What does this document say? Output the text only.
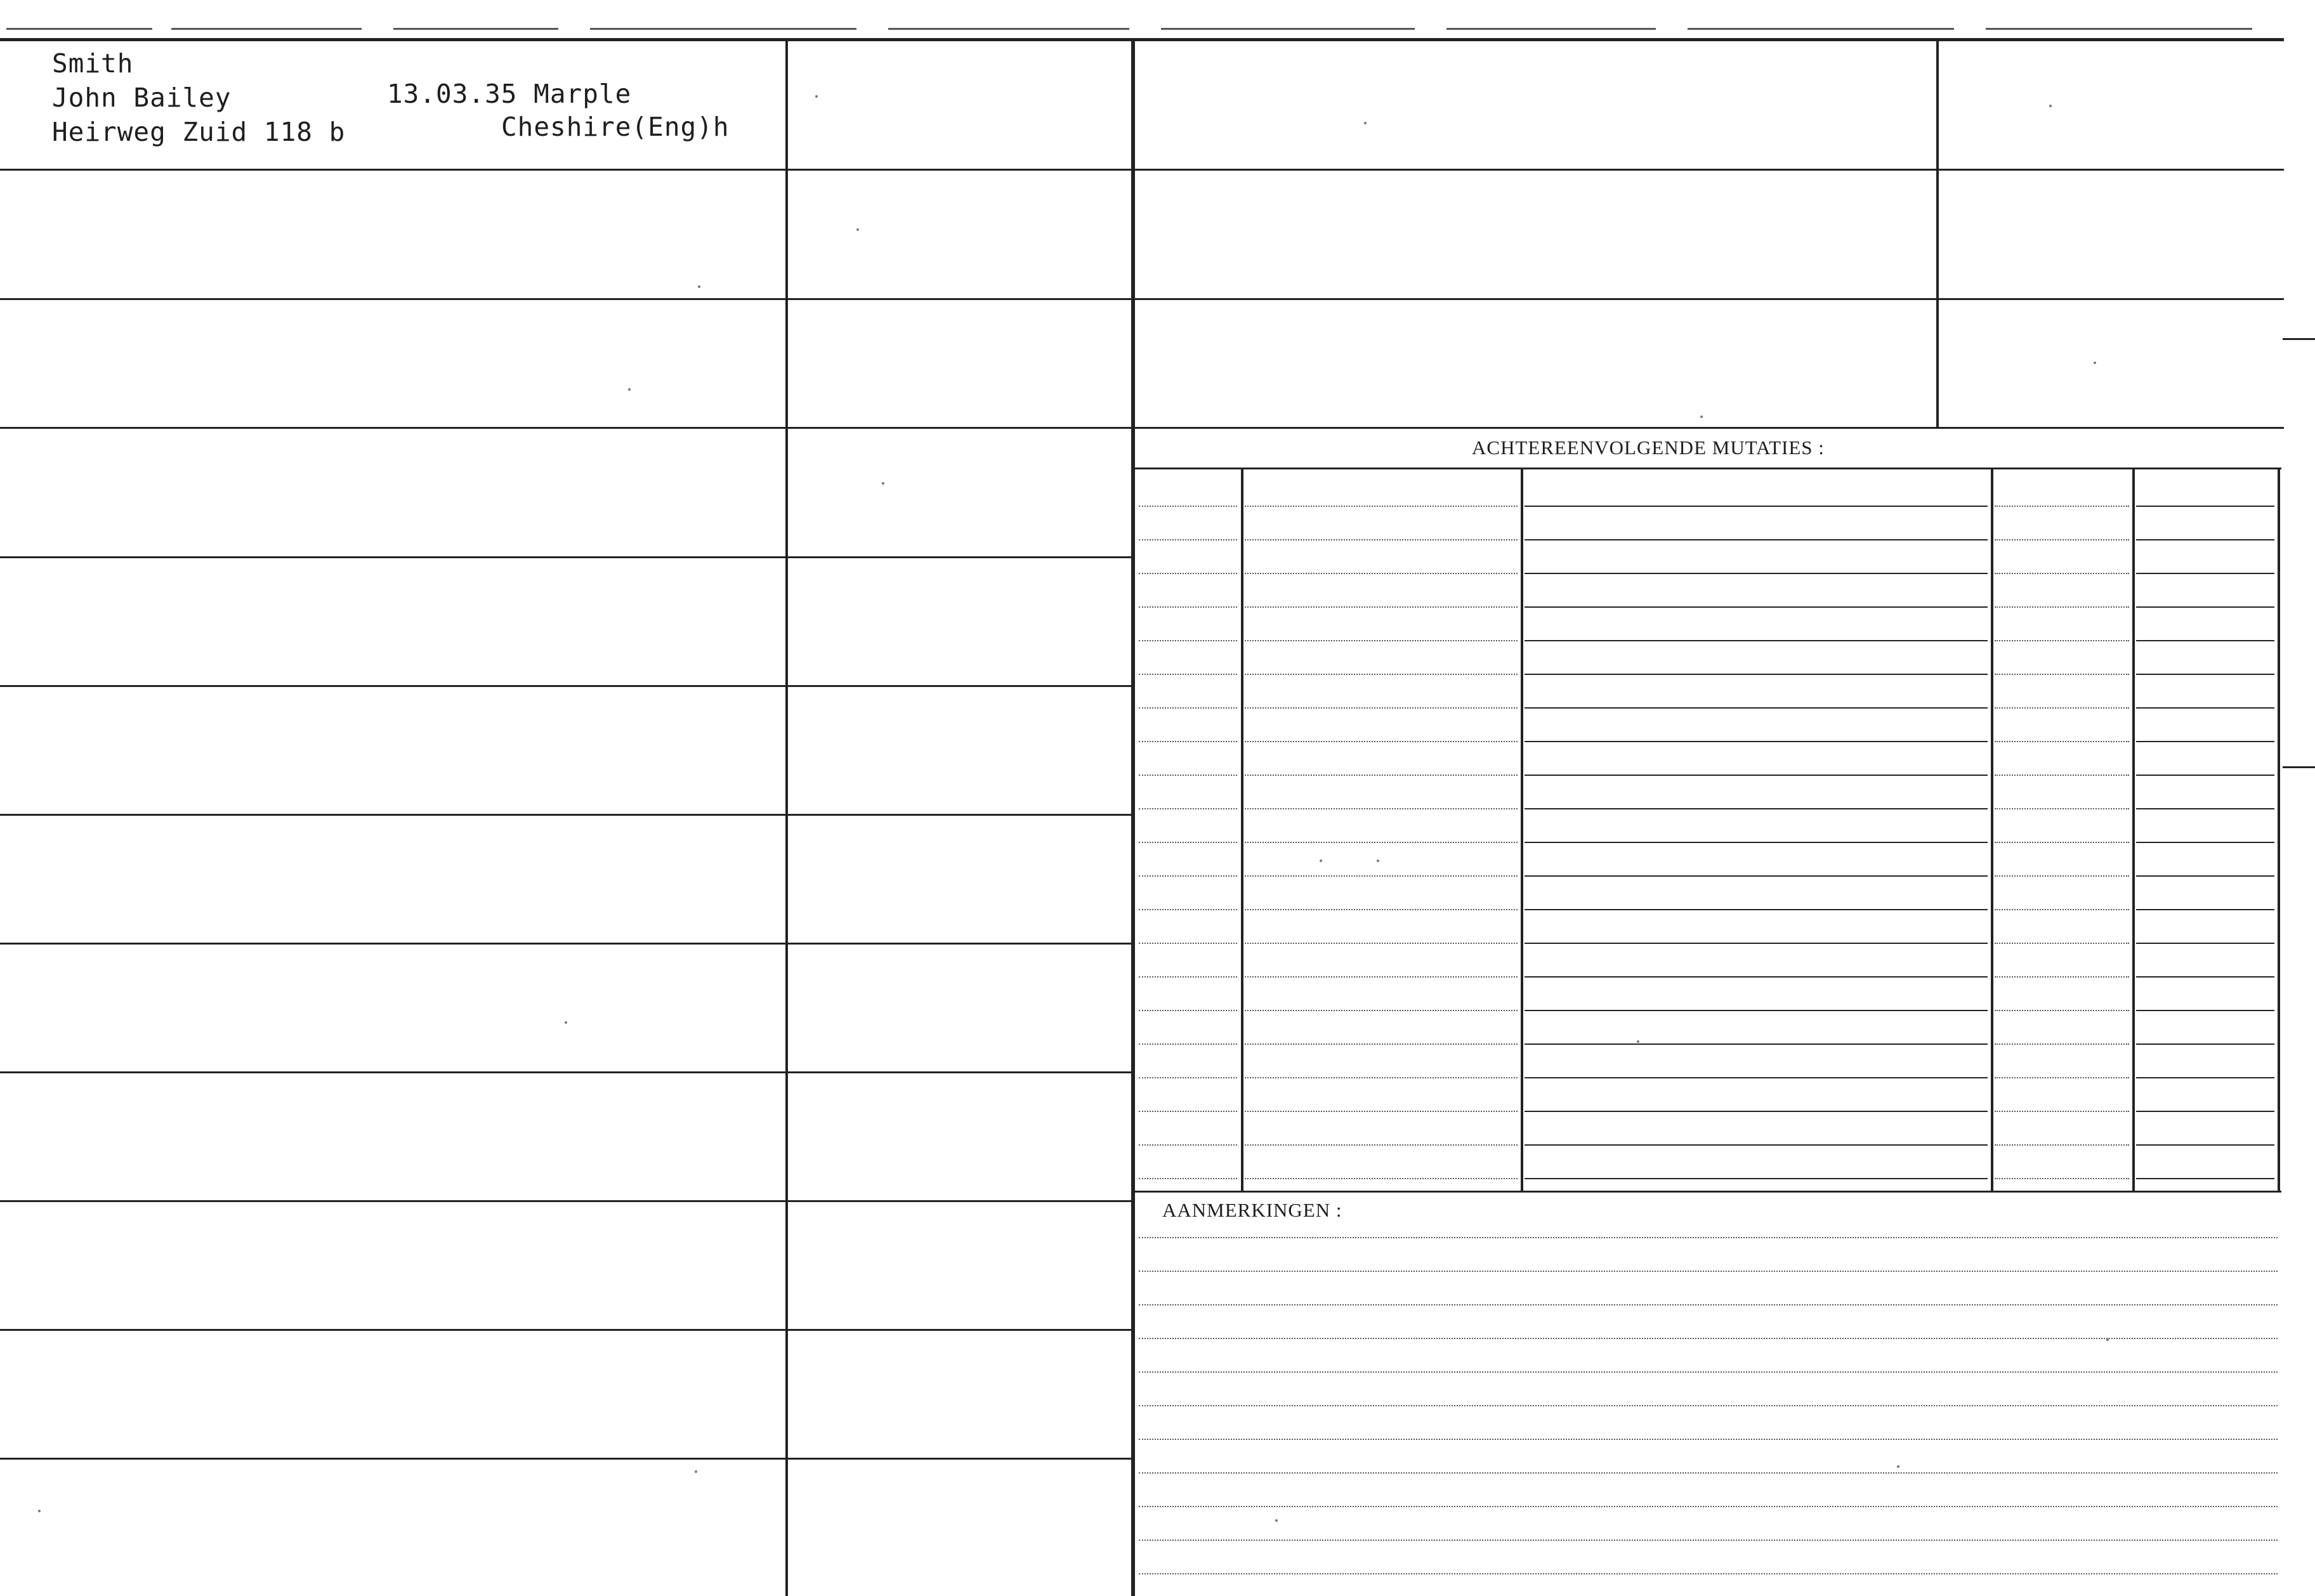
Smith
John Bailey
Heirweg Zuid 118 b
13.03.35 Marple
Cheshire(Eng)h
ACHTEREENVOLGENDE MUTATIES :
AANMERKINGEN :
